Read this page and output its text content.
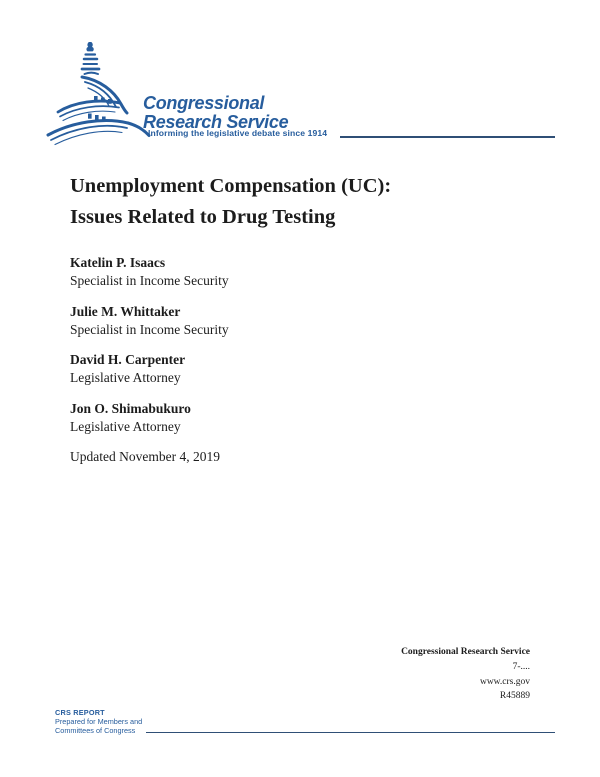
Congressional
Research Service
Informing the legislative debate since 1914
Unemployment Compensation (UC):
Issues Related to Drug Testing
Katelin P. Isaacs
Specialist in Income Security
Julie M. Whittaker
Specialist in Income Security
David H. Carpenter
Legislative Attorney
Jon O. Shimabukuro
Legislative Attorney

Updated November 4, 2019

Congressional Research Service
7-....
www.crs.gov
R45889
CRS REPORT
Prepared for Members and
Committees of Congress
